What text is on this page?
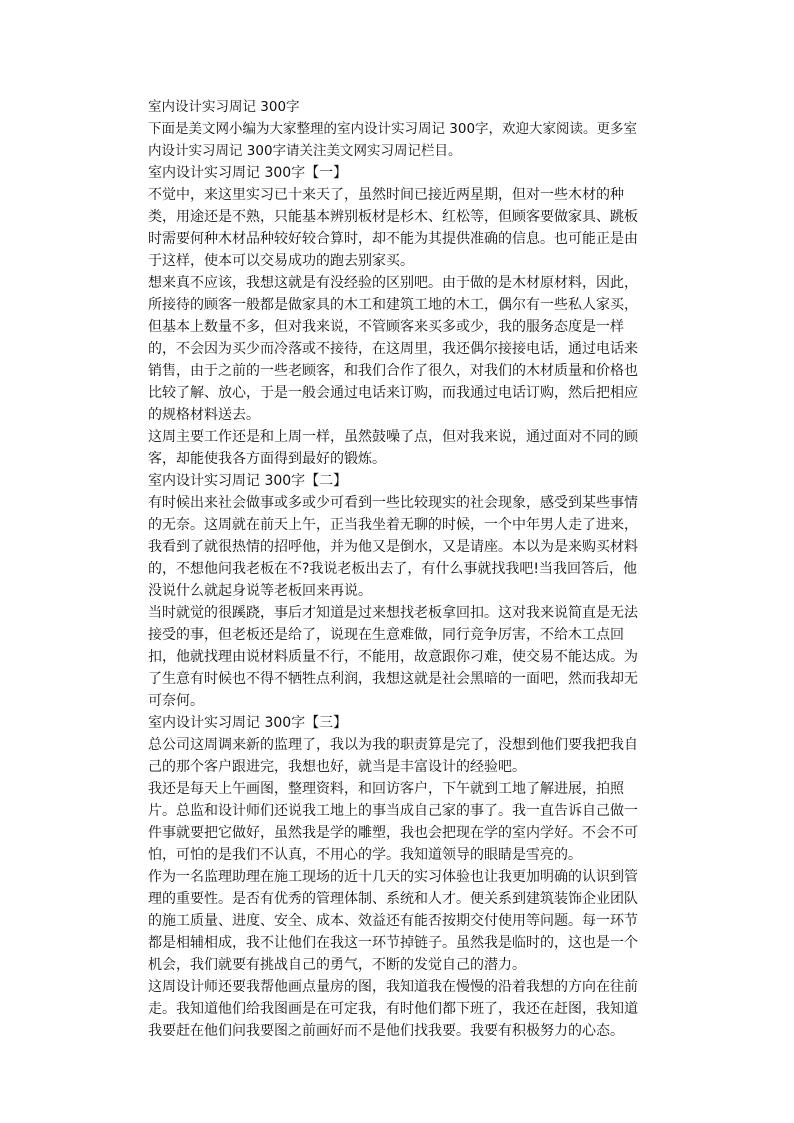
室内设计实习周记 300字

下面是美文网小编为大家整理的室内设计实习周记 300字，欢迎大家阅读。更多室内设计实习周记 300字请关注美文网实习周记栏目。

室内设计实习周记 300字【一】

不觉中，来这里实习已十来天了，虽然时间已接近两星期，但对一些木材的种类，用途还是不熟，只能基本辨别板材是杉木、红松等，但顾客要做家具、跳板时需要何种木材品种较好较合算时，却不能为其提供准确的信息。也可能正是由于这样，使本可以交易成功的跑去别家买。

想来真不应该，我想这就是有没经验的区别吧。由于做的是木材原材料，因此，所接待的顾客一般都是做家具的木工和建筑工地的木工，偶尔有一些私人家买，但基本上数量不多，但对我来说，不管顾客来买多或少，我的服务态度是一样的，不会因为买少而冷落或不接待，在这周里，我还偶尔接接电话，通过电话来销售，由于之前的一些老顾客，和我们合作了很久，对我们的木材质量和价格也比较了解、放心，于是一般会通过电话来订购，而我通过电话订购，然后把相应的规格材料送去。

这周主要工作还是和上周一样，虽然鼓噪了点，但对我来说，通过面对不同的顾客，却能使我各方面得到最好的锻炼。

室内设计实习周记 300字【二】

有时候出来社会做事或多或少可看到一些比较现实的社会现象，感受到某些事情的无奈。这周就在前天上午，正当我坐着无聊的时候，一个中年男人走了进来，我看到了就很热情的招呼他，并为他又是倒水，又是请座。本以为是来购买材料的，不想他问我老板在不?我说老板出去了，有什么事就找我吧!当我回答后，他没说什么就起身说等老板回来再说。

当时就觉的很蹊跷，事后才知道是过来想找老板拿回扣。这对我来说简直是无法接受的事，但老板还是给了，说现在生意难做，同行竞争厉害，不给木工点回扣，他就找理由说材料质量不行，不能用，故意跟你刁难，使交易不能达成。为了生意有时候也不得不牺牲点利润，我想这就是社会黑暗的一面吧，然而我却无可奈何。

室内设计实习周记 300字【三】

总公司这周调来新的监理了，我以为我的职责算是完了，没想到他们要我把我自己的那个客户跟进完，我想也好，就当是丰富设计的经验吧。

我还是每天上午画图，整理资料，和回访客户，下午就到工地了解进展，拍照片。总监和设计师们还说我工地上的事当成自己家的事了。我一直告诉自己做一件事就要把它做好，虽然我是学的雕塑，我也会把现在学的室内学好。不会不可怕，可怕的是我们不认真，不用心的学。我知道领导的眼睛是雪亮的。

作为一名监理助理在施工现场的近十几天的实习体验也让我更加明确的认识到管理的重要性。是否有优秀的管理体制、系统和人才。便关系到建筑装饰企业团队的施工质量、进度、安全、成本、效益还有能否按期交付使用等问题。每一环节都是相辅相成，我不让他们在我这一环节掉链子。虽然我是临时的，这也是一个机会，我们就要有挑战自己的勇气，不断的发觉自己的潜力。

这周设计师还要我帮他画点量房的图，我知道我在慢慢的沿着我想的方向在往前走。我知道他们给我图画是在可定我，有时他们都下班了，我还在赶图，我知道我要赶在他们问我要图之前画好而不是他们找我要。我要有积极努力的心态。
